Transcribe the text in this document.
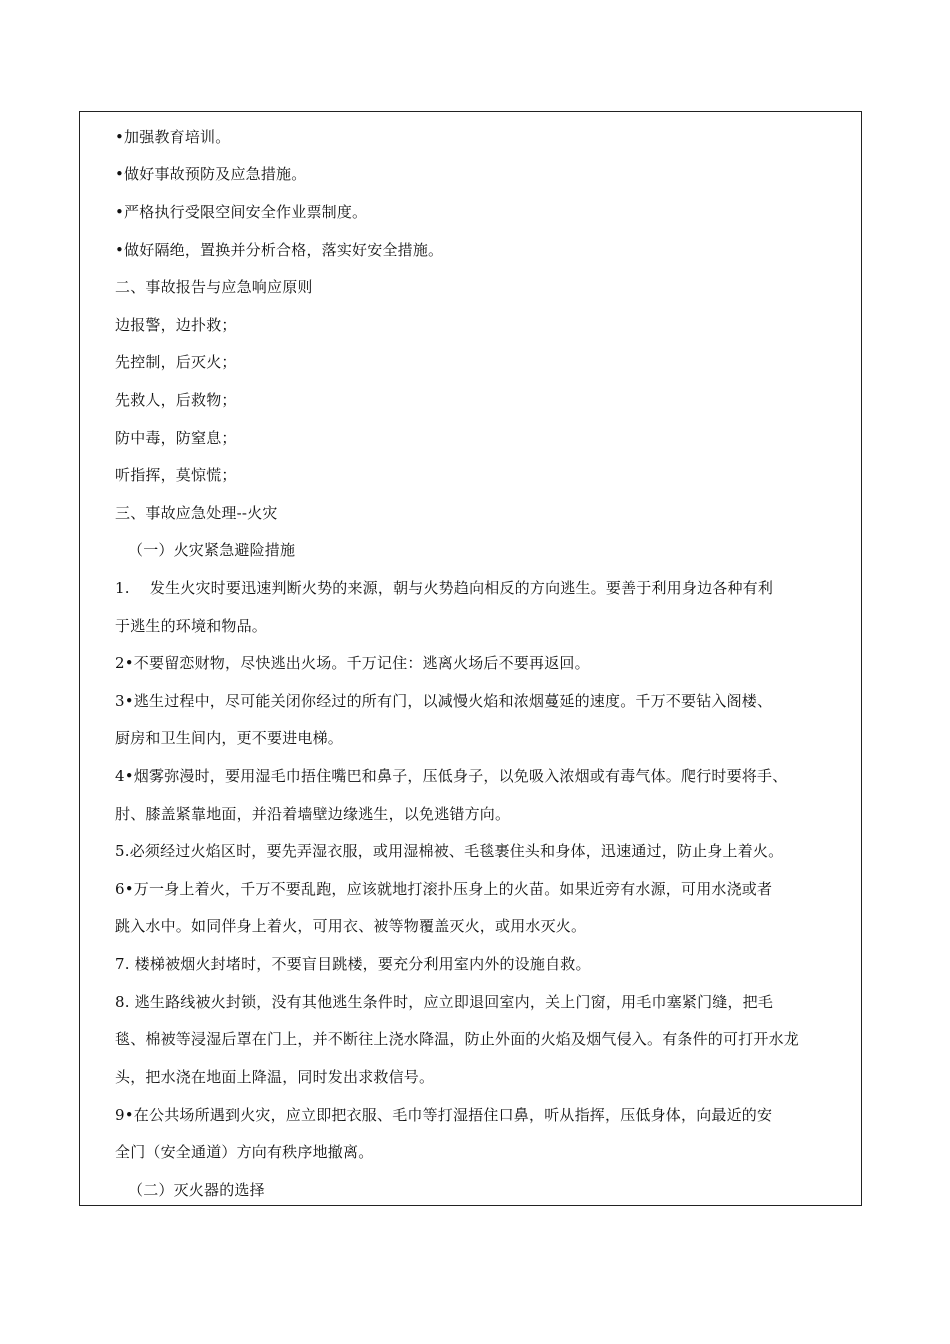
•加强教育培训。
•做好事故预防及应急措施。
•严格执行受限空间安全作业票制度。
•做好隔绝，置换并分析合格，落实好安全措施。
二、事故报告与应急响应原则
边报警，边扑救；
先控制，后灭火；
先救人，后救物；
防中毒，防窒息；
听指挥，莫惊慌；
三、事故应急处理--火灾
（一）火灾紧急避险措施
1.　 发生火灾时要迅速判断火势的来源，朝与火势趋向相反的方向逃生。要善于利用身边各种有利
于逃生的环境和物品。
2•不要留恋财物，尽快逃出火场。千万记住：逃离火场后不要再返回。
3•逃生过程中，尽可能关闭你经过的所有门，以减慢火焰和浓烟蔓延的速度。千万不要钻入阁楼、
厨房和卫生间内，更不要进电梯。
4•烟雾弥漫时，要用湿毛巾捂住嘴巴和鼻子，压低身子，以免吸入浓烟或有毒气体。爬行时要将手、
肘、膝盖紧靠地面，并沿着墙壁边缘逃生，以免逃错方向。
5.必须经过火焰区时，要先弄湿衣服，或用湿棉被、毛毯裹住头和身体，迅速通过，防止身上着火。
6•万一身上着火，千万不要乱跑，应该就地打滚扑压身上的火苗。如果近旁有水源，可用水浇或者
跳入水中。如同伴身上着火，可用衣、被等物覆盖灭火，或用水灭火。
7. 楼梯被烟火封堵时，不要盲目跳楼，要充分利用室内外的设施自救。
8. 逃生路线被火封锁，没有其他逃生条件时，应立即退回室内，关上门窗，用毛巾塞紧门缝，把毛
毯、棉被等浸湿后罩在门上，并不断往上浇水降温，防止外面的火焰及烟气侵入。有条件的可打开水龙
头，把水浇在地面上降温，同时发出求救信号。
9•在公共场所遇到火灾，应立即把衣服、毛巾等打湿捂住口鼻，听从指挥，压低身体，向最近的安
全门（安全通道）方向有秩序地撤离。
（二）灭火器的选择
